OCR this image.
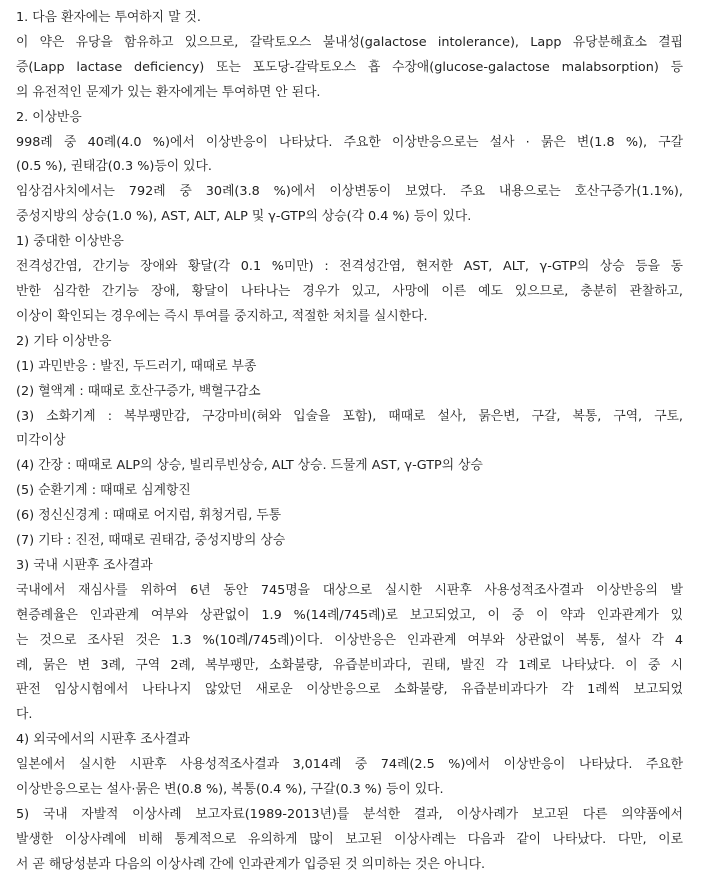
1. 다음 환자에는 투여하지 말 것.
이 약은 유당을 함유하고 있으므로, 갈락토오스 불내성(galactose intolerance), Lapp 유당분해효소 결핍
증(Lapp lactase deficiency) 또는 포도당-갈락토오스 흡 수장애(glucose-galactose malabsorption) 등
의 유전적인 문제가 있는 환자에게는 투여하면 안 된다.
2. 이상반응
998례 중 40례(4.0 %)에서 이상반응이 나타났다. 주요한 이상반응으로는 설사 · 묽은 변(1.8 %), 구갈
(0.5 %), 권태감(0.3 %)등이 있다.
임상검사치에서는 792례 중 30례(3.8 %)에서 이상변동이 보였다. 주요 내용으로는 호산구증가(1.1%),
중성지방의 상승(1.0 %), AST, ALT, ALP 및 γ-GTP의 상승(각 0.4 %) 등이 있다.
1) 중대한 이상반응
전격성간염, 간기능 장애와 황달(각 0.1 %미만) : 전격성간염, 현저한 AST, ALT, γ-GTP의 상승 등을 동
반한 심각한 간기능 장애, 황달이 나타나는 경우가 있고, 사망에 이른 예도 있으므로, 충분히 관찰하고,
이상이 확인되는 경우에는 즉시 투여를 중지하고, 적절한 처치를 실시한다.
2) 기타 이상반응
(1) 과민반응 : 발진, 두드러기, 때때로 부종
(2) 혈액계 : 때때로 호산구증가, 백혈구감소
(3) 소화기계 : 복부팽만감, 구강마비(혀와 입술을 포함), 때때로 설사, 묽은변, 구갈, 복통, 구역, 구토,
미각이상
(4) 간장 : 때때로 ALP의 상승, 빌리루빈상승, ALT 상승. 드물게 AST, γ-GTP의 상승
(5) 순환기계 : 때때로 심계항진
(6) 정신신경계 : 때때로 어지럼, 휘청거림, 두통
(7) 기타 : 진전, 때때로 권태감, 중성지방의 상승
3) 국내 시판후 조사결과
국내에서 재심사를 위하여 6년 동안 745명을 대상으로 실시한 시판후 사용성적조사결과 이상반응의 발
현증례율은 인과관계 여부와 상관없이 1.9 %(14례/745례)로 보고되었고, 이 중 이 약과 인과관계가 있
는 것으로 조사된 것은 1.3 %(10례/745례)이다. 이상반응은 인과관계 여부와 상관없이 복통, 설사 각 4
례, 묽은 변 3례, 구역 2례, 복부팽만, 소화불량, 유즙분비과다, 권태, 발진 각 1례로 나타났다. 이 중 시
판전 임상시험에서 나타나지 않았던 새로운 이상반응으로 소화불량, 유즙분비과다가 각 1례씩 보고되었
다.
4) 외국에서의 시판후 조사결과
일본에서 실시한 시판후 사용성적조사결과 3,014례 중 74례(2.5 %)에서 이상반응이 나타났다. 주요한
이상반응으로는 설사·묽은 변(0.8 %), 복통(0.4 %), 구갈(0.3 %) 등이 있다.
5) 국내 자발적 이상사례 보고자료(1989-2013년)를 분석한 결과, 이상사례가 보고된 다른 의약품에서
발생한 이상사례에 비해 통계적으로 유의하게 많이 보고된 이상사례는 다음과 같이 나타났다. 다만, 이로
서 곧 해당성분과 다음의 이상사례 간에 인과관계가 입증된 것 의미하는 것은 아니다.
